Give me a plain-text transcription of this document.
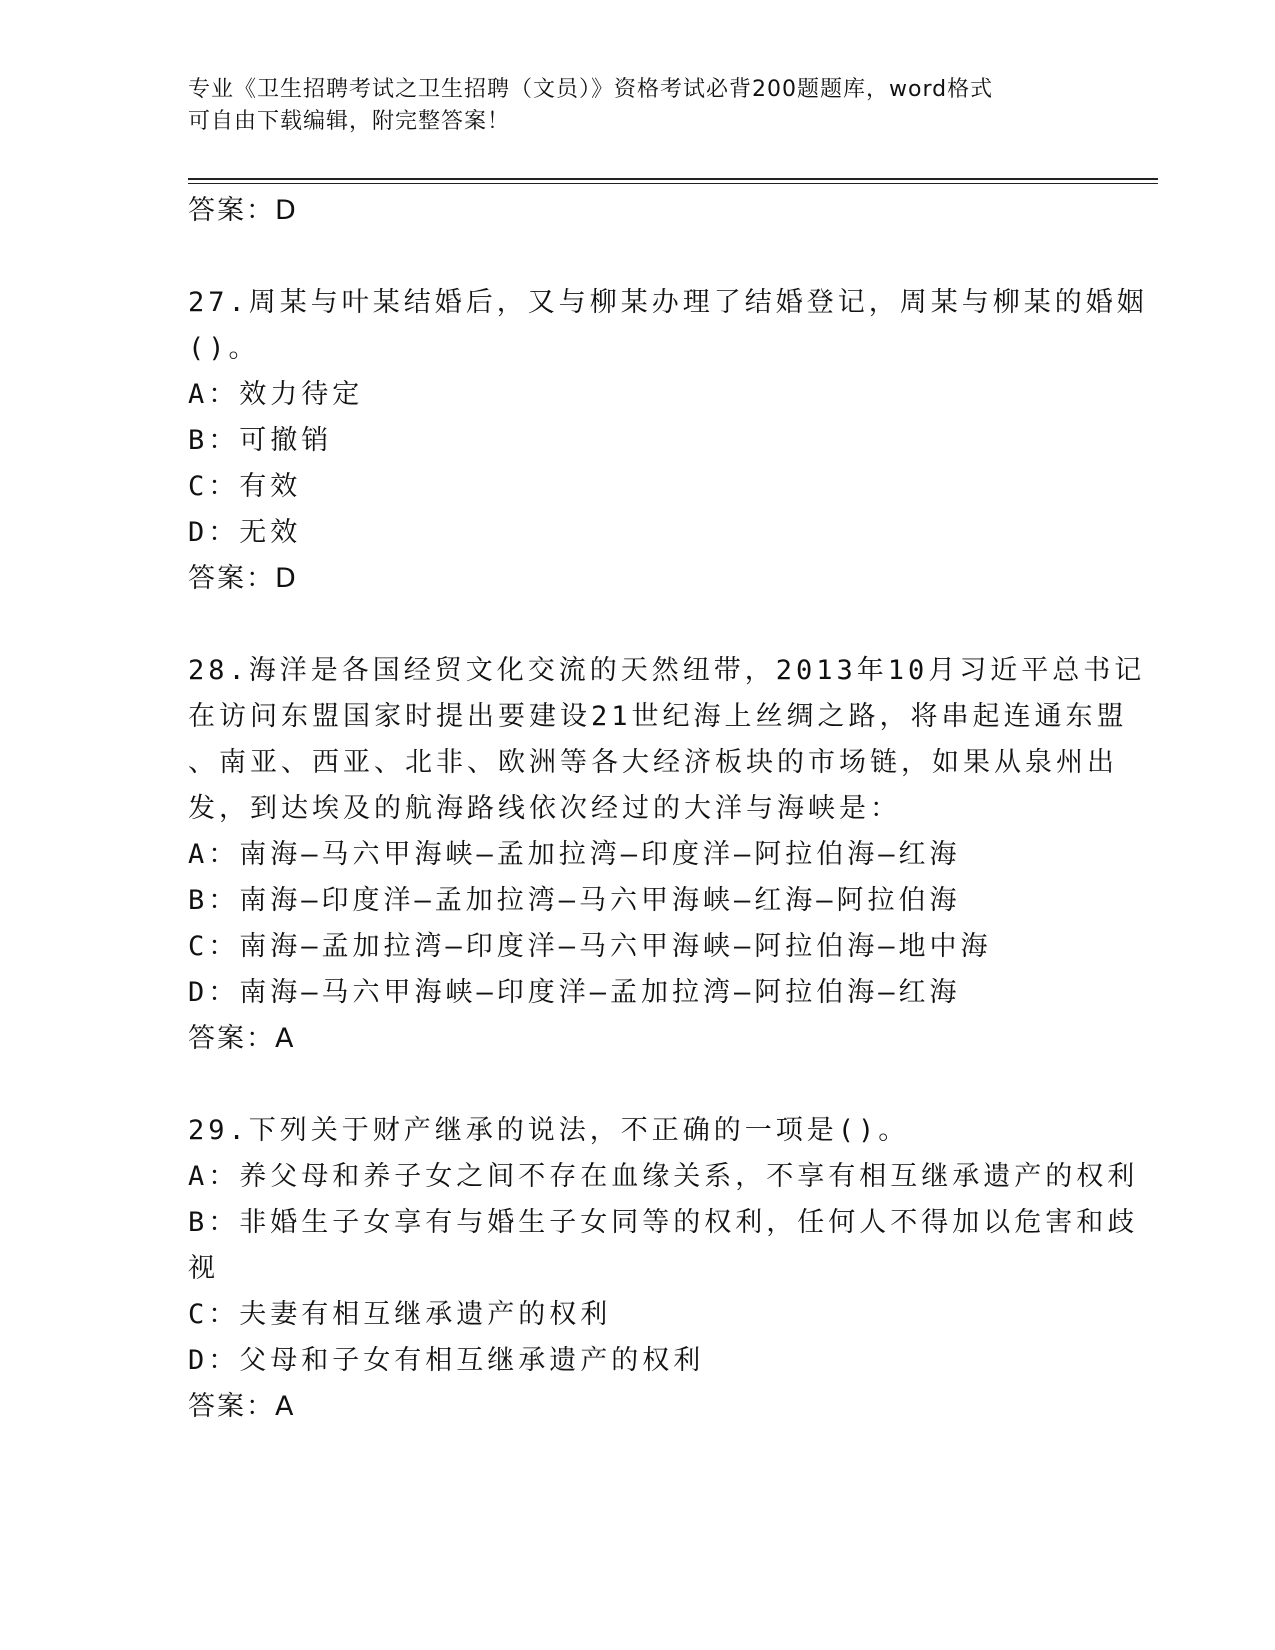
专业《卫生招聘考试之卫生招聘（文员）》资格考试必背200题题库，word格式
可自由下载编辑，附完整答案！
答案：D
27.周某与叶某结婚后，又与柳某办理了结婚登记，周某与柳某的婚姻
()。
A：效力待定
B：可撤销
C：有效
D：无效
答案：D
28.海洋是各国经贸文化交流的天然纽带，2013年10月习近平总书记
在访问东盟国家时提出要建设21世纪海上丝绸之路，将串起连通东盟
、南亚、西亚、北非、欧洲等各大经济板块的市场链，如果从泉州出
发，到达埃及的航海路线依次经过的大洋与海峡是：
A：南海—马六甲海峡—孟加拉湾—印度洋—阿拉伯海—红海
B：南海—印度洋—孟加拉湾—马六甲海峡—红海—阿拉伯海
C：南海—孟加拉湾—印度洋—马六甲海峡—阿拉伯海—地中海
D：南海—马六甲海峡—印度洋—孟加拉湾—阿拉伯海—红海
答案：A
29.下列关于财产继承的说法，不正确的一项是()。
A：养父母和养子女之间不存在血缘关系，不享有相互继承遗产的权利
B：非婚生子女享有与婚生子女同等的权利，任何人不得加以危害和歧
视
C：夫妻有相互继承遗产的权利
D：父母和子女有相互继承遗产的权利
答案：A
